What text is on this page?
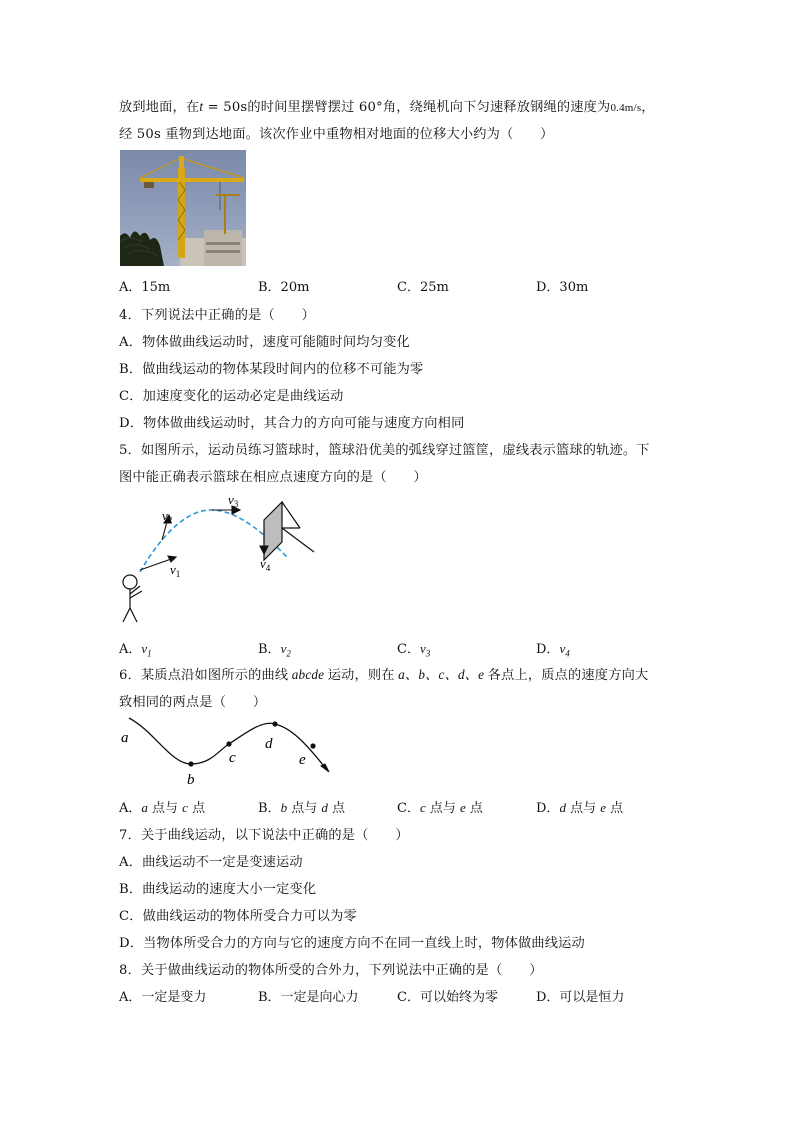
放到地面，在t = 50s的时间里摆臂摆过 60°角，绕绳机向下匀速释放钢绳的速度为0.4m/s，
经 50s 重物到达地面。该次作业中重物相对地面的位移大小约为（　　）
A．15m	B．20m	C．25m	D．30m
4．下列说法中正确的是（　　）
A．物体做曲线运动时，速度可能随时间均匀变化
B．做曲线运动的物体某段时间内的位移不可能为零
C．加速度变化的运动必定是曲线运动
D．物体做曲线运动时，其合力的方向可能与速度方向相同
5．如图所示，运动员练习篮球时，篮球沿优美的弧线穿过篮筐，虚线表示篮球的轨迹。下
图中能正确表示篮球在相应点速度方向的是（　　）
$v_1$
$v_2$
$v_3$
$v_4$
A．$v_1$	B．$v_2$	C．$v_3$	D．$v_4$
6．某质点沿如图所示的曲线 abcde 运动，则在 a、b、c、d、e 各点上，质点的速度方向大
致相同的两点是（　　）
a
b
c
d
e
A．a 点与 c 点	B．b 点与 d 点	C．c 点与 e 点	D．d 点与 e 点
7．关于曲线运动，以下说法中正确的是（　　）
A．曲线运动不一定是变速运动
B．曲线运动的速度大小一定变化
C．做曲线运动的物体所受合力可以为零
D．当物体所受合力的方向与它的速度方向不在同一直线上时，物体做曲线运动
8．关于做曲线运动的物体所受的合外力，下列说法中正确的是（　　）
A．一定是变力	B．一定是向心力	C．可以始终为零	D．可以是恒力
